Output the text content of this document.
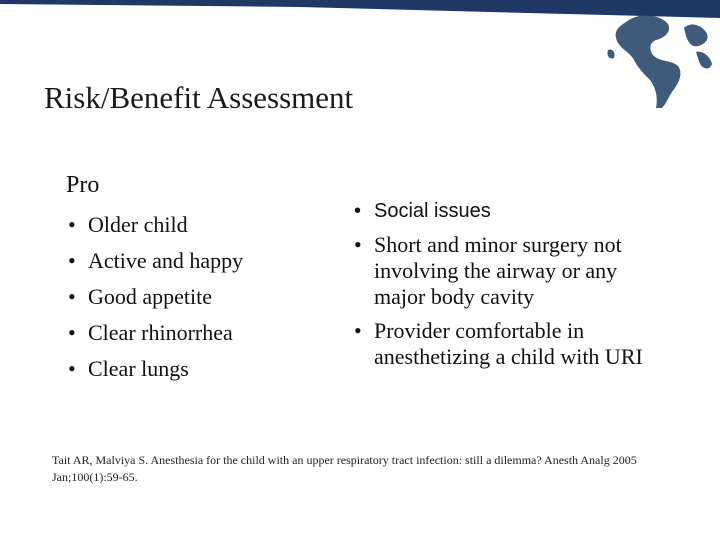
Risk/Benefit Assessment
Pro
• Older child
• Active and happy
• Good appetite
• Clear rhinorrhea
• Clear lungs
• Social issues
• Short and minor surgery not involving the airway or any major body cavity
• Provider comfortable in anesthetizing a child with URI
Tait AR, Malviya S. Anesthesia for the child with an upper respiratory tract infection: still a dilemma? Anesth Analg 2005 Jan;100(1):59-65.
